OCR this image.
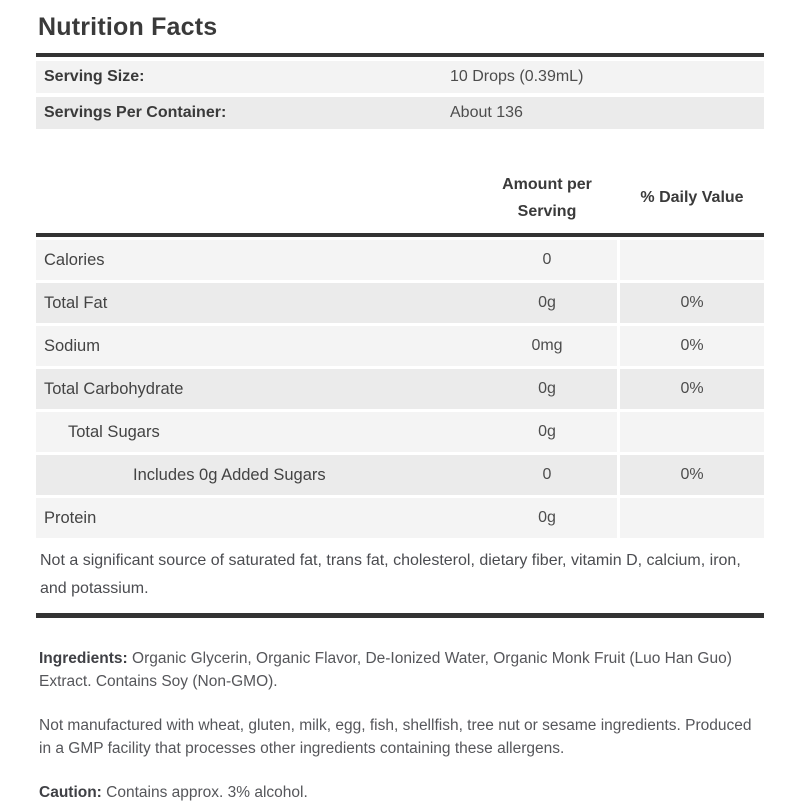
Nutrition Facts
Serving Size:	10 Drops (0.39mL)
Servings Per Container:	About 136
Amount per Serving
% Daily Value
Calories	0
Total Fat	0g	0%
Sodium	0mg	0%
Total Carbohydrate	0g	0%
Total Sugars	0g
Includes 0g Added Sugars	0	0%
Protein	0g

Not a significant source of saturated fat, trans fat, cholesterol, dietary fiber, vitamin D, calcium, iron, and potassium.

Ingredients: Organic Glycerin, Organic Flavor, De-Ionized Water, Organic Monk Fruit (Luo Han Guo) Extract. Contains Soy (Non-GMO).

Not manufactured with wheat, gluten, milk, egg, fish, shellfish, tree nut or sesame ingredients. Produced in a GMP facility that processes other ingredients containing these allergens.

Caution: Contains approx. 3% alcohol.
